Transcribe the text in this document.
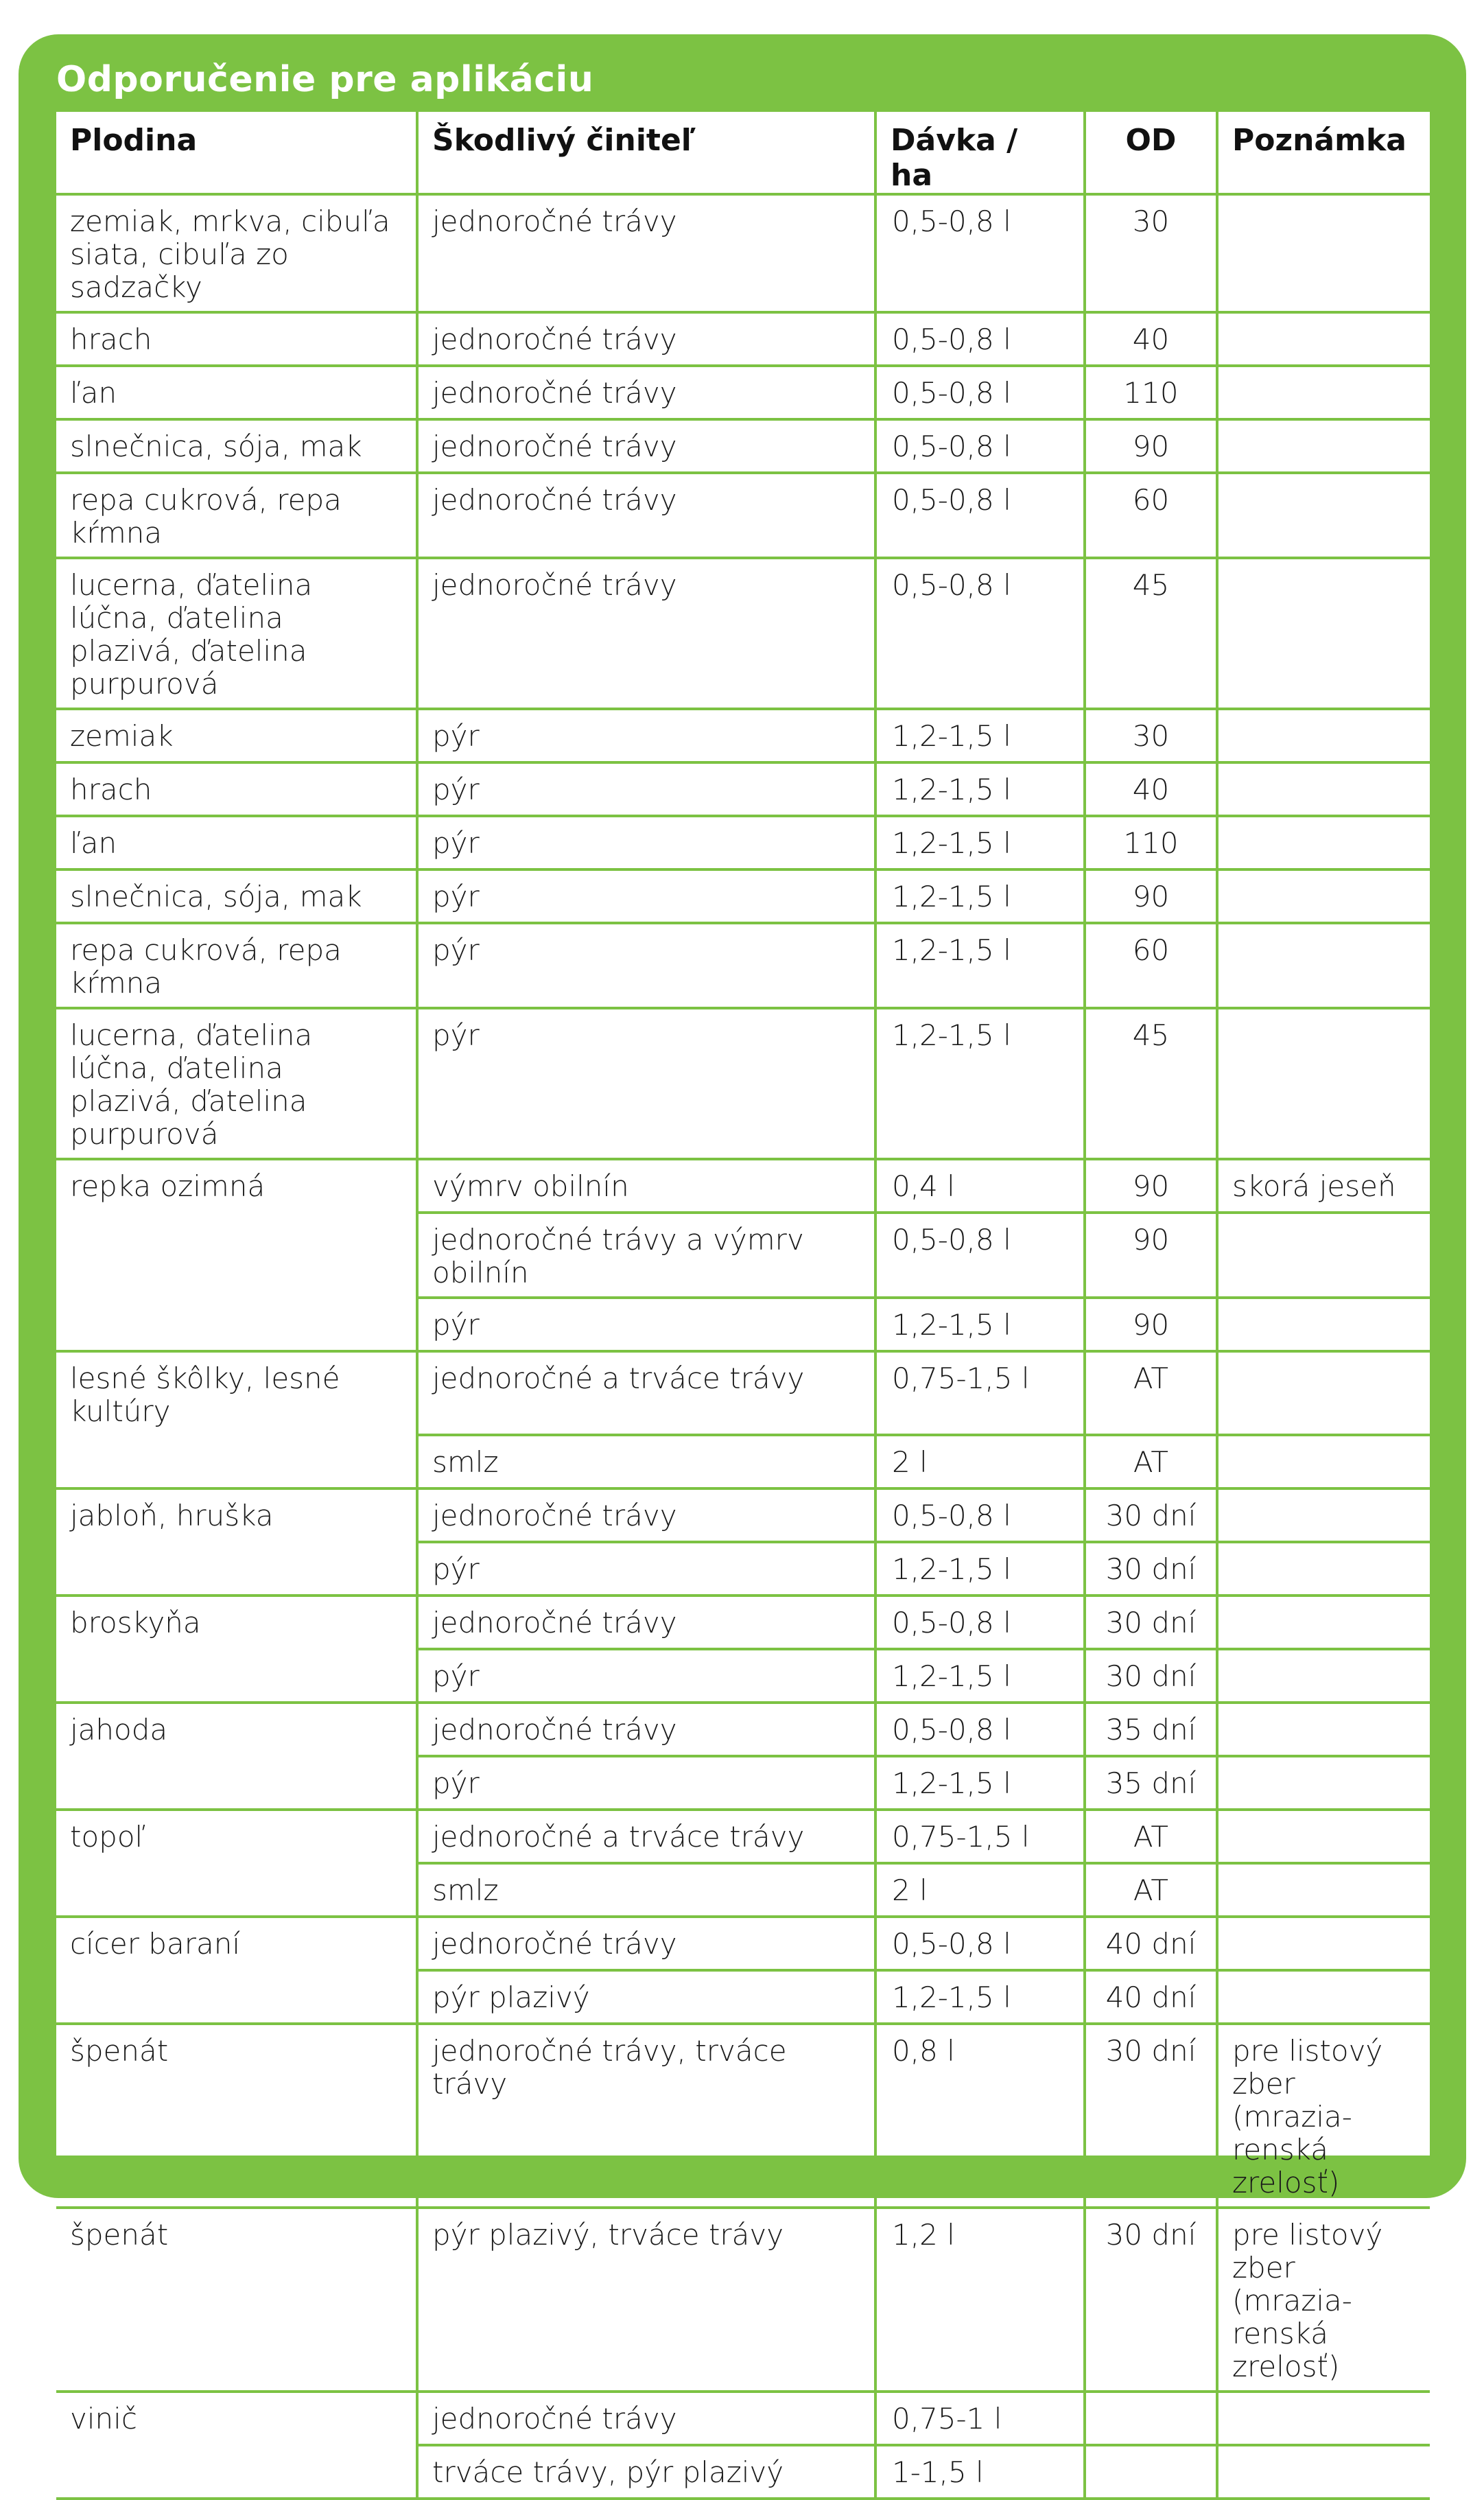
Odporučenie pre aplikáciu
Plodina	Škodlivý činiteľ	Dávka / ha	OD	Poznámka
zemiak, mrkva, cibuľa siata, cibuľa zo sadzačky	jednoročné trávy	0,5-0,8 l	30	
hrach	jednoročné trávy	0,5-0,8 l	40	
ľan	jednoročné trávy	0,5-0,8 l	110	
slnečnica, sója, mak	jednoročné trávy	0,5-0,8 l	90	
repa cukrová, repa kŕmna	jednoročné trávy	0,5-0,8 l	60	
lucerna, ďatelina lúčna, ďatelina plazivá, ďatelina purpurová	jednoročné trávy	0,5-0,8 l	45	
zemiak	pýr	1,2-1,5 l	30	
hrach	pýr	1,2-1,5 l	40	
ľan	pýr	1,2-1,5 l	110	
slnečnica, sója, mak	pýr	1,2-1,5 l	90	
repa cukrová, repa kŕmna	pýr	1,2-1,5 l	60	
lucerna, ďatelina lúčna, ďatelina plazivá, ďatelina purpurová	pýr	1,2-1,5 l	45	
repka ozimná	výmrv obilnín	0,4 l	90	skorá jeseň
	jednoročné trávy a výmrv obilnín	0,5-0,8 l	90	
	pýr	1,2-1,5 l	90	
lesné škôlky, lesné kultúry	jednoročné a trváce trávy	0,75-1,5 l	AT	
	smlz	2 l	AT	
jabloň, hruška	jednoročné trávy	0,5-0,8 l	30 dní	
	pýr	1,2-1,5 l	30 dní	
broskyňa	jednoročné trávy	0,5-0,8 l	30 dní	
	pýr	1,2-1,5 l	30 dní	
jahoda	jednoročné trávy	0,5-0,8 l	35 dní	
	pýr	1,2-1,5 l	35 dní	
topoľ	jednoročné a trváce trávy	0,75-1,5 l	AT	
	smlz	2 l	AT	
cícer baraní	jednoročné trávy	0,5-0,8 l	40 dní	
	pýr plazivý	1,2-1,5 l	40 dní	
špenát	jednoročné trávy, trváce trávy	0,8 l	30 dní	pre listový zber (mrazia-renská zrelosť)
špenát	pýr plazivý, trváce trávy	1,2 l	30 dní	pre listový zber (mrazia-renská zrelosť)
vinič	jednoročné trávy	0,75-1 l		
	trváce trávy, pýr plazivý	1-1,5 l		
